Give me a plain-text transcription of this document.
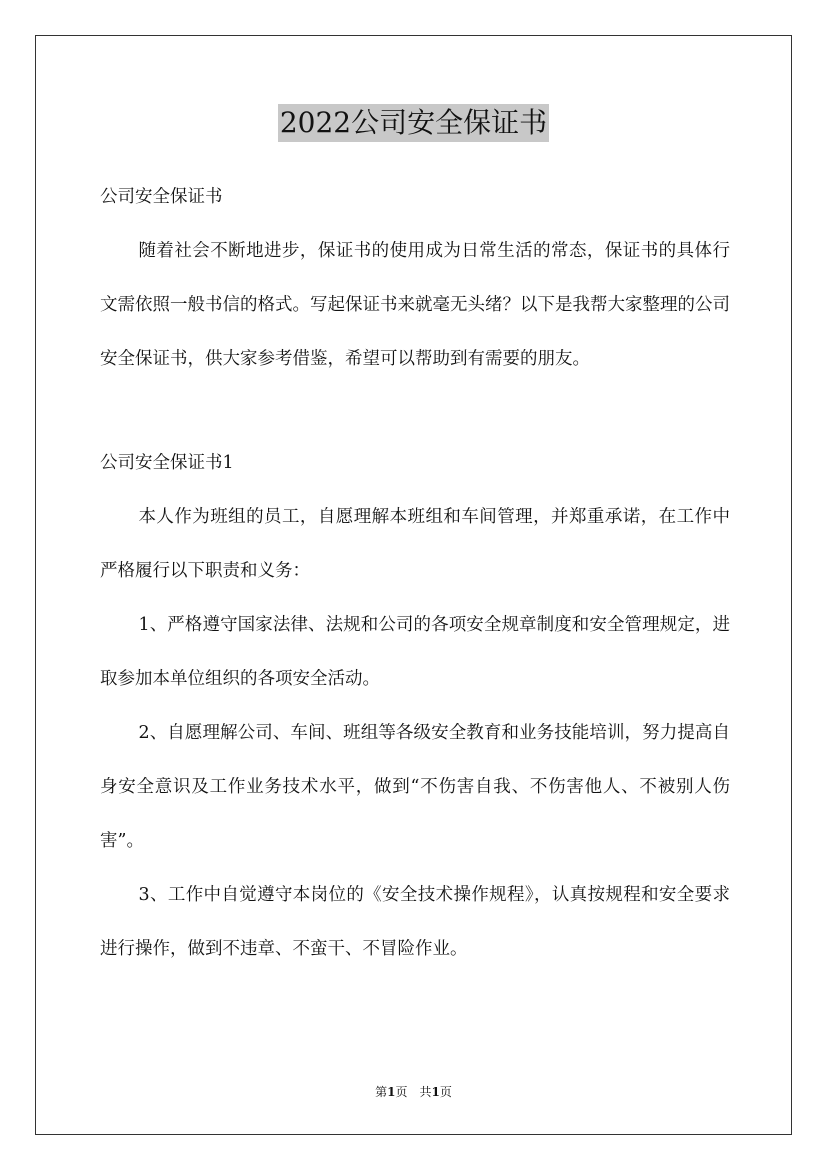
2022公司安全保证书

公司安全保证书

随着社会不断地进步，保证书的使用成为日常生活的常态，保证书的具体行文需依照一般书信的格式。写起保证书来就毫无头绪？以下是我帮大家整理的公司安全保证书，供大家参考借鉴，希望可以帮助到有需要的朋友。

公司安全保证书1

本人作为班组的员工，自愿理解本班组和车间管理，并郑重承诺，在工作中严格履行以下职责和义务：

1、严格遵守国家法律、法规和公司的各项安全规章制度和安全管理规定，进取参加本单位组织的各项安全活动。

2、自愿理解公司、车间、班组等各级安全教育和业务技能培训，努力提高自身安全意识及工作业务技术水平，做到“不伤害自我、不伤害他人、不被别人伤害”。

3、工作中自觉遵守本岗位的《安全技术操作规程》，认真按规程和安全要求进行操作，做到不违章、不蛮干、不冒险作业。

第1页　共1页
